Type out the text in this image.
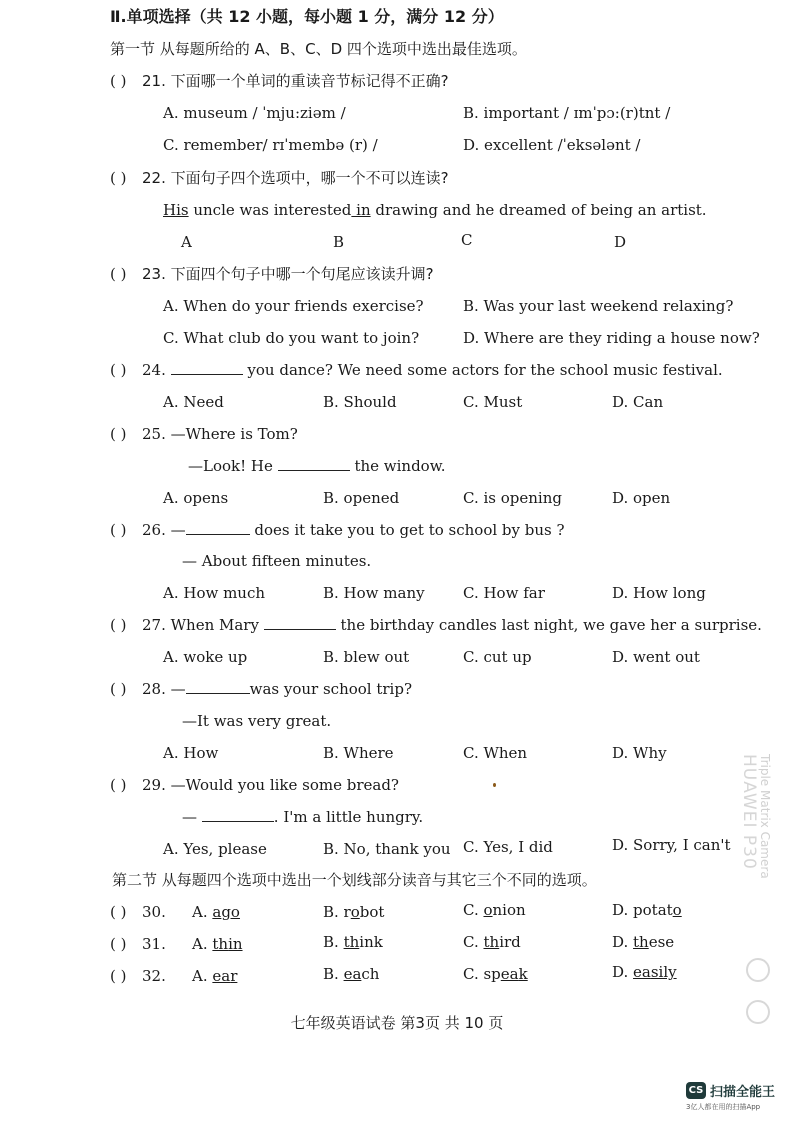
Ⅱ.单项选择（共 12 小题，每小题 1 分，满分 12 分）
第一节 从每题所给的 A、B、C、D 四个选项中选出最佳选项。
( ) 21. 下面哪一个单词的重读音节标记得不正确?
A. museum / ˈmju:ziəm /	B. important / ɪmˈpɔ:(r)tnt /
C. remember/ rɪˈmembə (r) /	D. excellent /ˈeksələnt /
( ) 22. 下面句子四个选项中，哪一个不可以连读?
His uncle was interested in drawing and he dreamed of being an artist.
A	B	C	D
( ) 23. 下面四个句子中哪一个句尾应该读升调?
A. When do your friends exercise?	B. Was your last weekend relaxing?
C. What club do you want to join?	D. Where are they riding a house now?
( ) 24.	you dance? We need some actors for the school music festival.
A. Need	B. Should	C. Must	D. Can
( ) 25. —Where is Tom?
—Look! He	the window.
A. opens	B. opened	C. is opening	D. open
( ) 26. —	does it take you to get to school by bus ?
— About fifteen minutes.
A. How much	B. How many	C. How far	D. How long
( ) 27. When Mary	the birthday candles last night, we gave her a surprise.
A. woke up	B. blew out	C. cut up	D. went out
( ) 28. —	was your school trip?
—It was very great.
A. How	B. Where	C. When	D. Why
( ) 29. —Would you like some bread?
—	. I'm a little hungry.
A. Yes, please	B. No, thank you C. Yes, I did	D. Sorry, I can't
第二节 从每题四个选项中选出一个划线部分读音与其它三个不同的选项。
( ) 30. A. ago	B. robot	C. onion	D. potato
( ) 31. A. thin	B. think	C. third	D. these
( ) 32. A. ear	B. each	C. speak	D. easily
七年级英语试卷 第3页 共 10 页
HUAWEI P30 Triple Matrix Camera
CS 扫描全能王
3亿人都在用的扫描App
